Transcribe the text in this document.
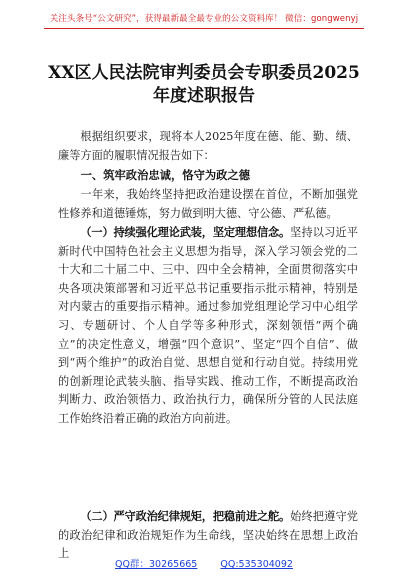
关注头条号“公文研究”，获得最新最全最专业的公文资料库！ 微信：gongwenyj
XX区人民法院审判委员会专职委员2025
年度述职报告
根据组织要求，现将本人2025年度在德、能、勤、绩、廉等方面的履职情况报告如下：
一、筑牢政治忠诚，恪守为政之德
一年来，我始终坚持把政治建设摆在首位，不断加强党性修养和道德锤炼，努力做到明大德、守公德、严私德。
（一）持续强化理论武装，坚定理想信念。坚持以习近平新时代中国特色社会主义思想为指导，深入学习领会党的二十大和二十届二中、三中、四中全会精神，全面贯彻落实中央各项决策部署和习近平总书记重要指示批示精神，特别是对内蒙古的重要指示精神。通过参加党组理论学习中心组学习、专题研讨、个人自学等多种形式，深刻领悟“两个确立”的决定性意义，增强“四个意识”、坚定“四个自信”、做到“两个维护”的政治自觉、思想自觉和行动自觉。持续用党的创新理论武装头脑、指导实践、推动工作，不断提高政治判断力、政治领悟力、政治执行力，确保所分管的人民法庭工作始终沿着正确的政治方向前进。
（二）严守政治纪律规矩，把稳前进之舵。始终把遵守党的政治纪律和政治规矩作为生命线，坚决始终在思想上政治上
QQ群：30265665 QQ:535304092
